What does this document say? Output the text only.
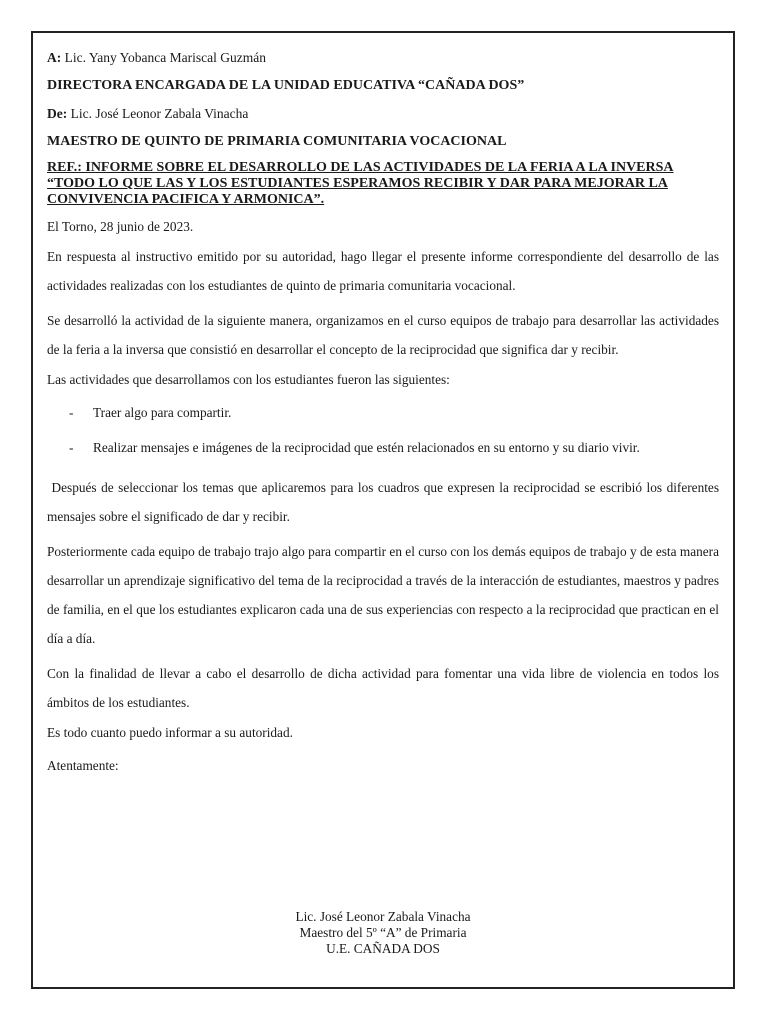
A: Lic. Yany Yobanca Mariscal Guzmán

DIRECTORA ENCARGADA DE LA UNIDAD EDUCATIVA “CAÑADA DOS”

De: Lic. José Leonor Zabala Vinacha

MAESTRO DE QUINTO DE PRIMARIA COMUNITARIA VOCACIONAL

REF.: INFORME SOBRE EL DESARROLLO DE LAS ACTIVIDADES DE LA FERIA A LA INVERSA
“TODO LO QUE LAS Y LOS ESTUDIANTES ESPERAMOS RECIBIR Y DAR PARA MEJORAR LA
CONVIVENCIA PACIFICA Y ARMONICA”.

El Torno, 28 junio de 2023.

En respuesta al instructivo emitido por su autoridad, hago llegar el presente informe correspondiente del desarrollo de las actividades realizadas con los estudiantes de quinto de primaria comunitaria vocacional.

Se desarrolló la actividad de la siguiente manera, organizamos en el curso equipos de trabajo para desarrollar las actividades de la feria a la inversa que consistió en desarrollar el concepto de la reciprocidad que significa dar y recibir.

Las actividades que desarrollamos con los estudiantes fueron las siguientes:

-	Traer algo para compartir.
-	Realizar mensajes e imágenes de la reciprocidad que estén relacionados en su entorno y su diario vivir.

Después de seleccionar los temas que aplicaremos para los cuadros que expresen la reciprocidad se escribió los diferentes mensajes sobre el significado de dar y recibir.

Posteriormente cada equipo de trabajo trajo algo para compartir en el curso con los demás equipos de trabajo y de esta manera desarrollar un aprendizaje significativo del tema de la reciprocidad a través de la interacción de estudiantes, maestros y padres de familia, en el que los estudiantes explicaron cada una de sus experiencias con respecto a la reciprocidad que practican en el día a día.

Con la finalidad de llevar a cabo el desarrollo de dicha actividad para fomentar una vida libre de violencia en todos los ámbitos de los estudiantes.

Es todo cuanto puedo informar a su autoridad.

Atentamente:

Lic. José Leonor Zabala Vinacha
Maestro del 5º “A” de Primaria
U.E. CAÑADA DOS
